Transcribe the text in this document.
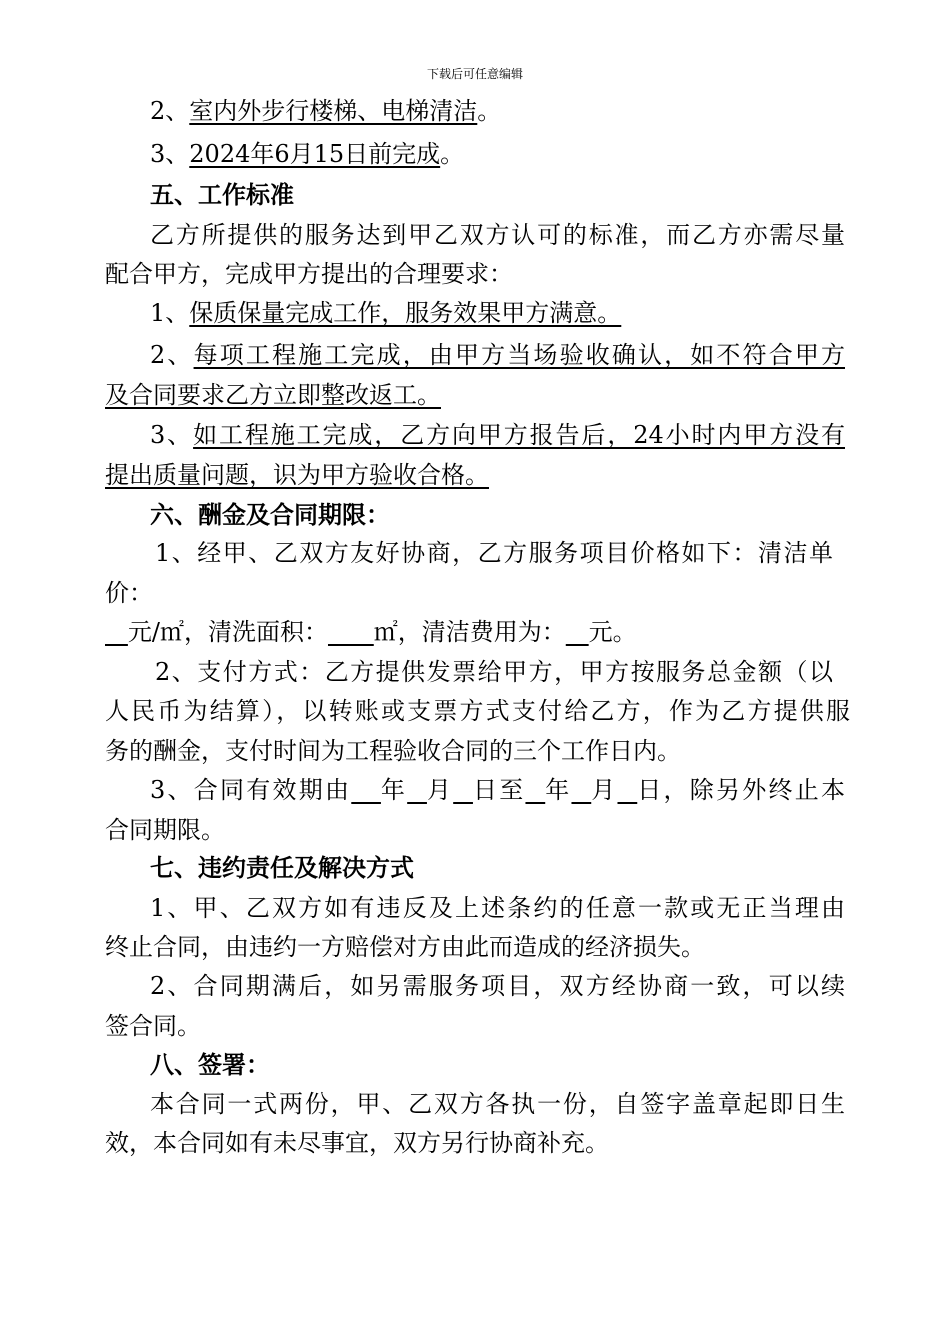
下载后可任意编辑
2、室内外步行楼梯、电梯清洁。
3、2024年6月15日前完成。
五、工作标准
乙方所提供的服务达到甲乙双方认可的标准，而乙方亦需尽量
配合甲方，完成甲方提出的合理要求：
1、保质保量完成工作，服务效果甲方满意。
2、每项工程施工完成，由甲方当场验收确认，如不符合甲方
及合同要求乙方立即整改返工。
3、如工程施工完成，乙方向甲方报告后，24小时内甲方没有
提出质量问题，识为甲方验收合格。
六、酬金及合同期限：
1、经甲、乙双方友好协商，乙方服务项目价格如下：清洁单
价：
元/㎡，清洗面积： ㎡，清洁费用为： 元。
2、支付方式：乙方提供发票给甲方，甲方按服务总金额（以
人民币为结算），以转账或支票方式支付给乙方，作为乙方提供服
务的酬金，支付时间为工程验收合同的三个工作日内。
3、合同有效期由 年 月 日至 年 月 日，除另外终止本
合同期限。
七、违约责任及解决方式
1、甲、乙双方如有违反及上述条约的任意一款或无正当理由
终止合同，由违约一方赔偿对方由此而造成的经济损失。
2、合同期满后，如另需服务项目，双方经协商一致，可以续
签合同。
八、签署：
本合同一式两份，甲、乙双方各执一份，自签字盖章起即日生
效，本合同如有未尽事宜，双方另行协商补充。
